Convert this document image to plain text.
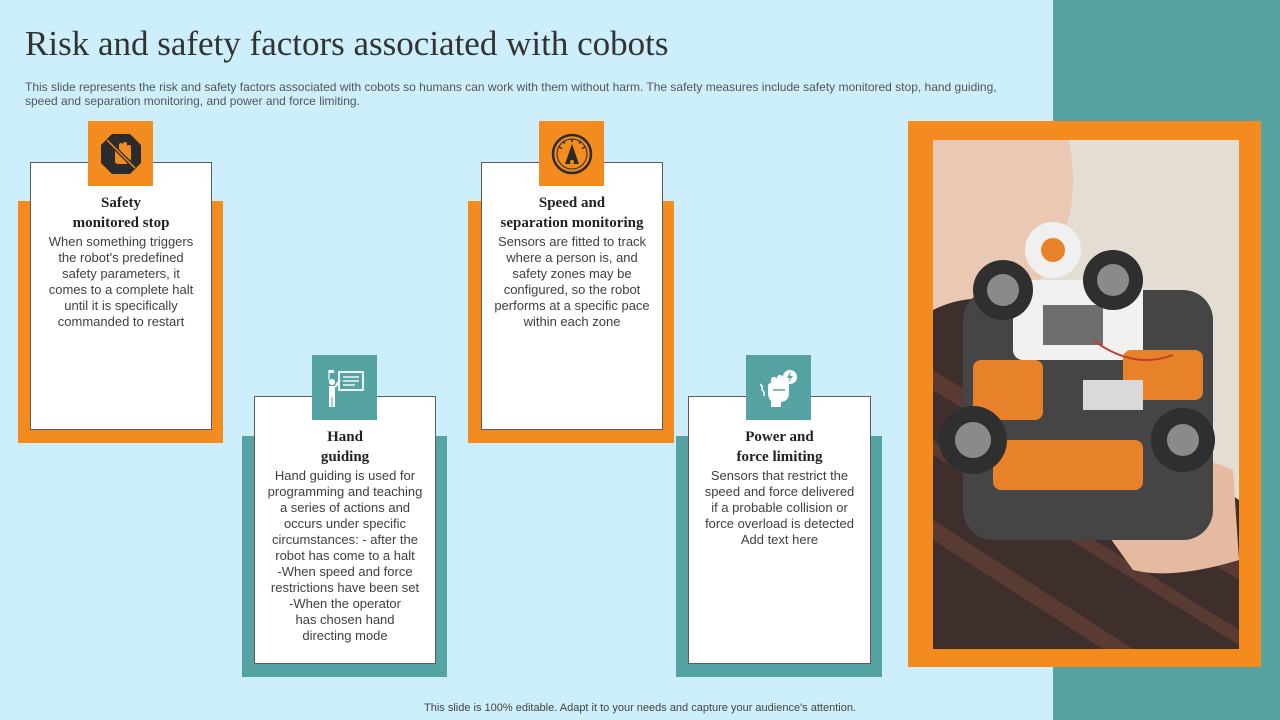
Risk and safety factors associated with cobots

This slide represents the risk and safety factors associated with cobots so humans can work with them without harm. The safety measures include safety monitored stop, hand guiding, speed and separation monitoring, and power and force limiting.

Safety
monitored stop
When something triggers
the robot's predefined
safety parameters, it
comes to a complete halt
until it is specifically
commanded to restart
Hand
guiding
Hand guiding is used for
programming and teaching
a series of actions and
occurs under specific
circumstances: - after the
robot has come to a halt
-When speed and force
restrictions have been set
-When the operator
has chosen hand
directing mode
Speed and
separation monitoring
Sensors are fitted to track
where a person is, and
safety zones may be
configured, so the robot
performs at a specific pace
within each zone
Power and
force limiting
Sensors that restrict the
speed and force delivered
if a probable collision or
force overload is detected
Add text here

This slide is 100% editable. Adapt it to your needs and capture your audience's attention.
